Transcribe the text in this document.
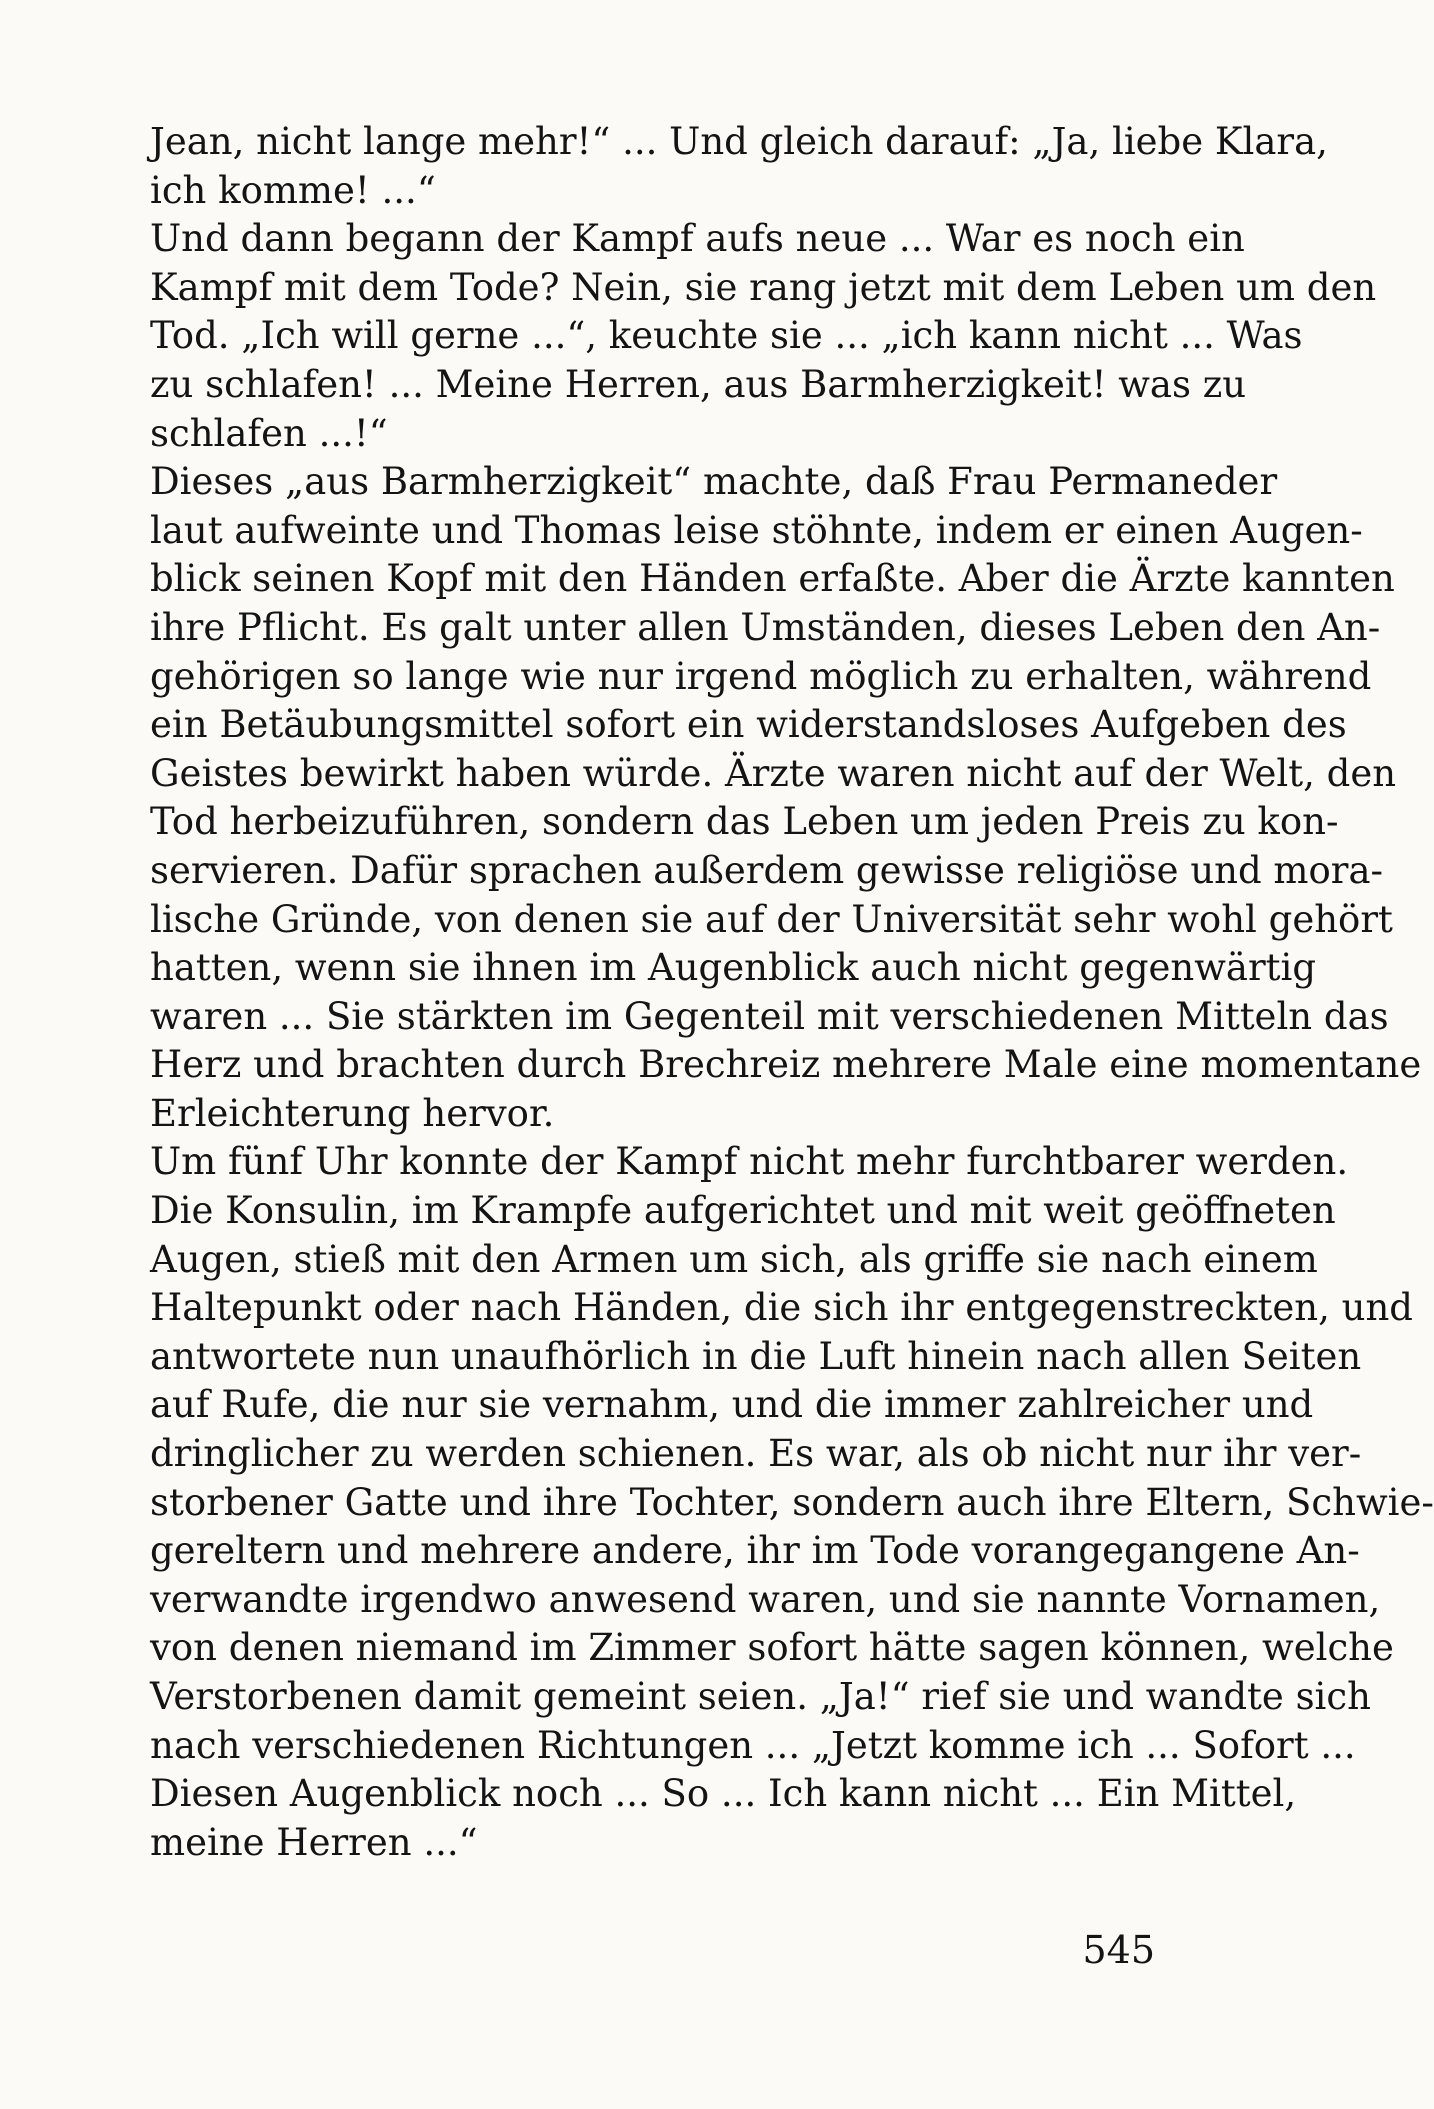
Jean, nicht lange mehr!“ ... Und gleich darauf: „Ja, liebe Klara,
ich komme! ...“
Und dann begann der Kampf aufs neue ... War es noch ein
Kampf mit dem Tode? Nein, sie rang jetzt mit dem Leben um den
Tod. „Ich will gerne ...“, keuchte sie ... „ich kann nicht ... Was
zu schlafen! ... Meine Herren, aus Barmherzigkeit! was zu
schlafen ...!“
Dieses „aus Barmherzigkeit“ machte, daß Frau Permaneder
laut aufweinte und Thomas leise stöhnte, indem er einen Augen-
blick seinen Kopf mit den Händen erfaßte. Aber die Ärzte kannten
ihre Pflicht. Es galt unter allen Umständen, dieses Leben den An-
gehörigen so lange wie nur irgend möglich zu erhalten, während
ein Betäubungsmittel sofort ein widerstandsloses Aufgeben des
Geistes bewirkt haben würde. Ärzte waren nicht auf der Welt, den
Tod herbeizuführen, sondern das Leben um jeden Preis zu kon-
servieren. Dafür sprachen außerdem gewisse religiöse und mora-
lische Gründe, von denen sie auf der Universität sehr wohl gehört
hatten, wenn sie ihnen im Augenblick auch nicht gegenwärtig
waren ... Sie stärkten im Gegenteil mit verschiedenen Mitteln das
Herz und brachten durch Brechreiz mehrere Male eine momentane
Erleichterung hervor.
Um fünf Uhr konnte der Kampf nicht mehr furchtbarer werden.
Die Konsulin, im Krampfe aufgerichtet und mit weit geöffneten
Augen, stieß mit den Armen um sich, als griffe sie nach einem
Haltepunkt oder nach Händen, die sich ihr entgegenstreckten, und
antwortete nun unaufhörlich in die Luft hinein nach allen Seiten
auf Rufe, die nur sie vernahm, und die immer zahlreicher und
dringlicher zu werden schienen. Es war, als ob nicht nur ihr ver-
storbener Gatte und ihre Tochter, sondern auch ihre Eltern, Schwie-
gereltern und mehrere andere, ihr im Tode vorangegangene An-
verwandte irgendwo anwesend waren, und sie nannte Vornamen,
von denen niemand im Zimmer sofort hätte sagen können, welche
Verstorbenen damit gemeint seien. „Ja!“ rief sie und wandte sich
nach verschiedenen Richtungen ... „Jetzt komme ich ... Sofort ...
Diesen Augenblick noch ... So ... Ich kann nicht ... Ein Mittel,
meine Herren ...“
545
